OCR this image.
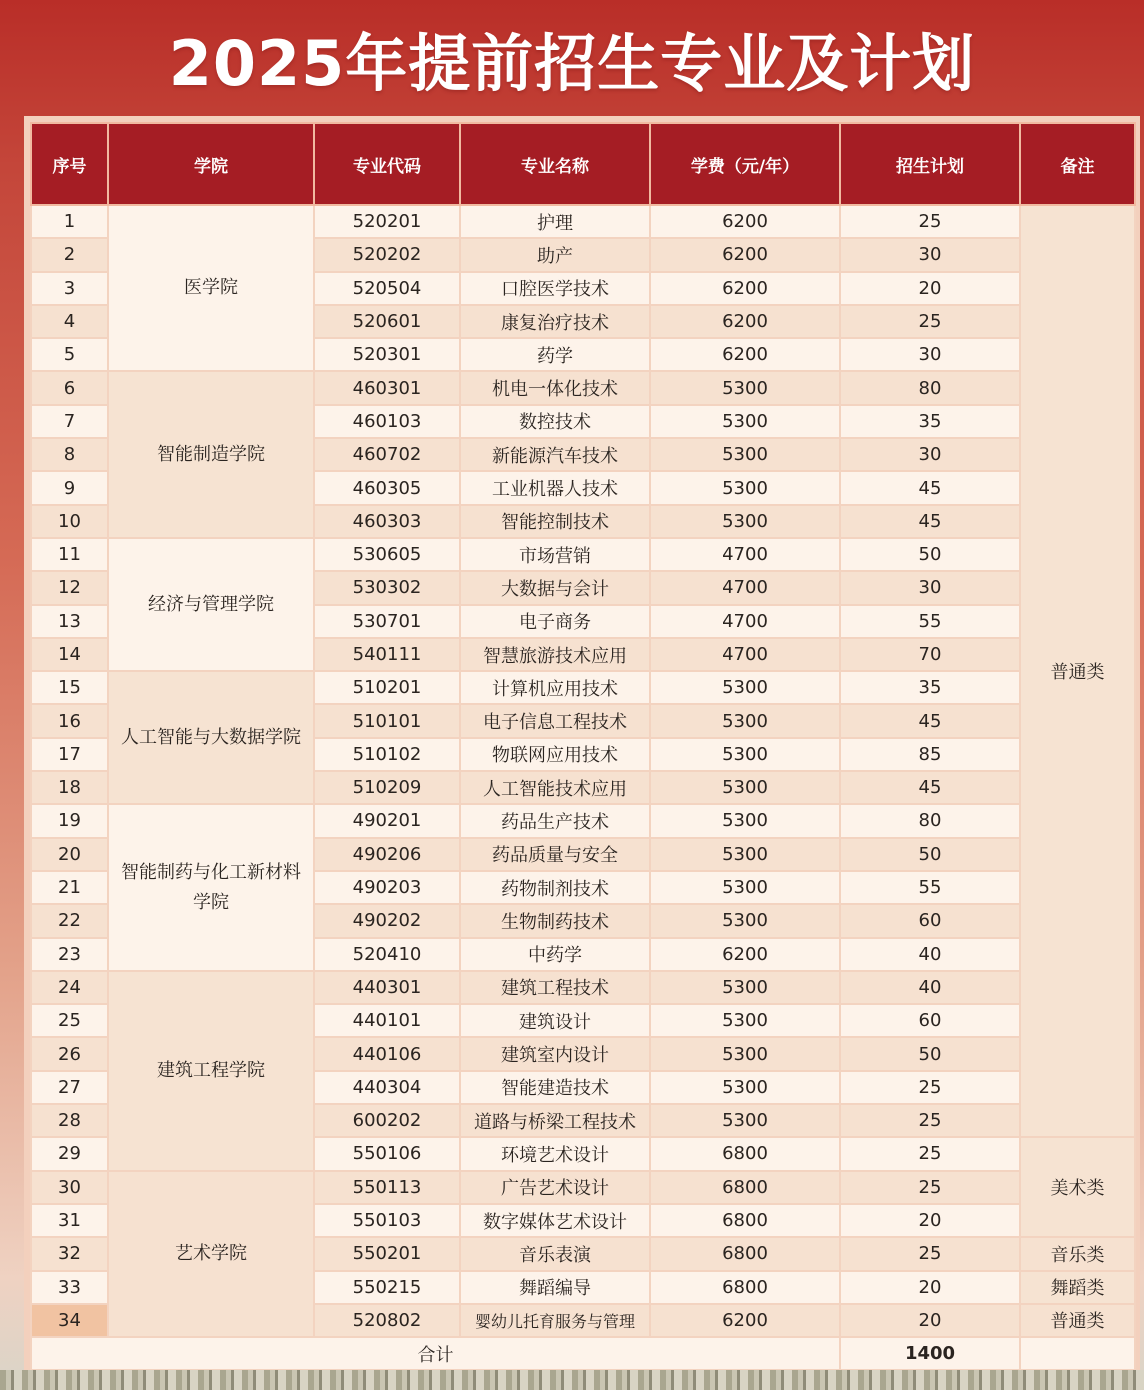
2025年提前招生专业及计划
序号	学院	专业代码	专业名称	学费（元/年）	招生计划	备注
1	医学院	520201	护理	6200	25	普通类
2		520202	助产	6200	30	
3		520504	口腔医学技术	6200	20	
4		520601	康复治疗技术	6200	25	
5		520301	药学	6200	30	
6	智能制造学院	460301	机电一体化技术	5300	80	
7		460103	数控技术	5300	35	
8		460702	新能源汽车技术	5300	30	
9		460305	工业机器人技术	5300	45	
10		460303	智能控制技术	5300	45	
11	经济与管理学院	530605	市场营销	4700	50	
12		530302	大数据与会计	4700	30	
13		530701	电子商务	4700	55	
14		540111	智慧旅游技术应用	4700	70	
15	人工智能与大数据学院	510201	计算机应用技术	5300	35	
16		510101	电子信息工程技术	5300	45	
17		510102	物联网应用技术	5300	85	
18		510209	人工智能技术应用	5300	45	
19	智能制药与化工新材料学院	490201	药品生产技术	5300	80	
20		490206	药品质量与安全	5300	50	
21		490203	药物制剂技术	5300	55	
22		490202	生物制药技术	5300	60	
23		520410	中药学	6200	40	
24	建筑工程学院	440301	建筑工程技术	5300	40	
25		440101	建筑设计	5300	60	
26		440106	建筑室内设计	5300	50	
27		440304	智能建造技术	5300	25	
28		600202	道路与桥梁工程技术	5300	25	
29		550106	环境艺术设计	6800	25	美术类
30	艺术学院	550113	广告艺术设计	6800	25	
31		550103	数字媒体艺术设计	6800	20	
32		550201	音乐表演	6800	25	音乐类
33		550215	舞蹈编导	6800	20	舞蹈类
34		520802	婴幼儿托育服务与管理	6200	20	普通类
合计					1400	
